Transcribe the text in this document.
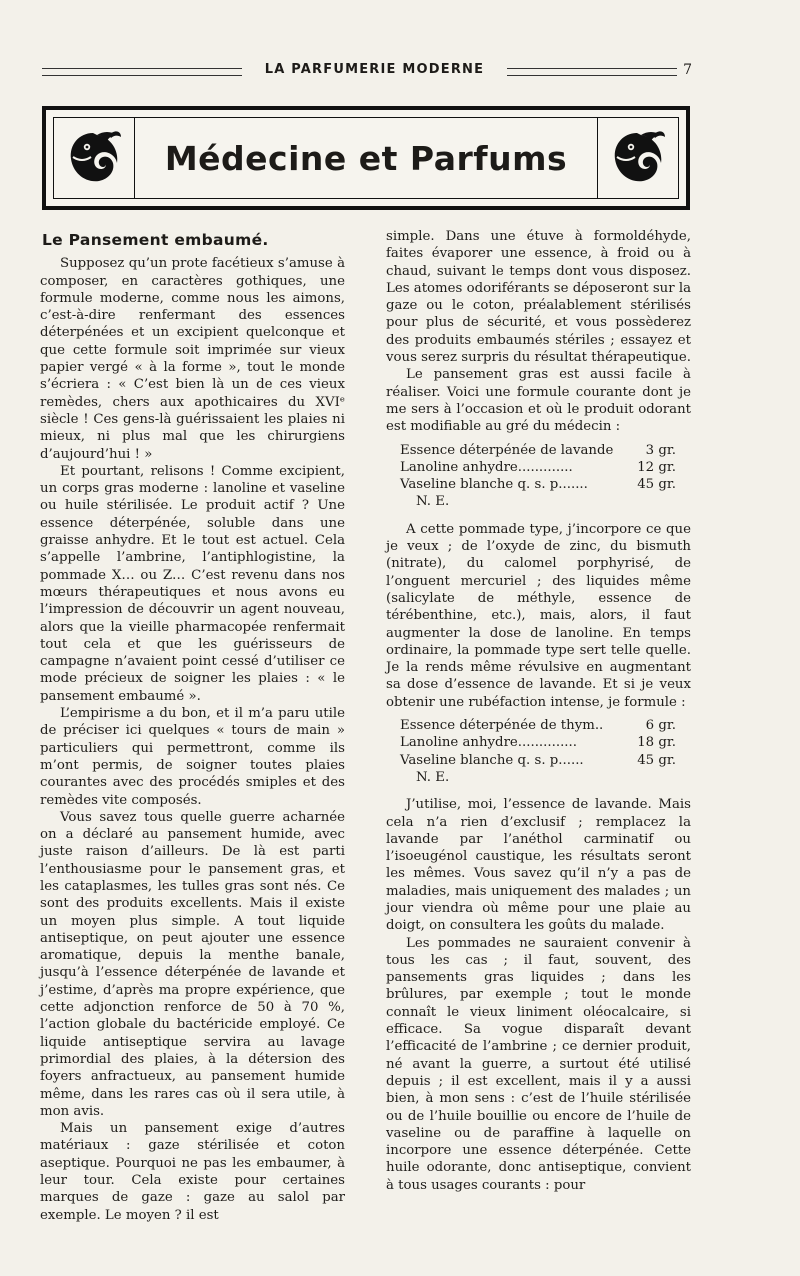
LA PARFUMERIE MODERNE	7
Médecine et Parfums
Le Pansement embaumé.

Supposez qu’un prote facétieux s’amuse à composer, en caractères gothiques, une formule moderne, comme nous les aimons, c’est-à-dire renfermant des essences déterpénées et un excipient quelconque et que cette formule soit imprimée sur vieux papier vergé « à la forme », tout le monde s’écriera : « C’est bien là un de ces vieux remèdes, chers aux apothicaires du XVIᵉ siècle ! Ces gens-là guérissaient les plaies ni mieux, ni plus mal que les chirurgiens d’aujourd’hui ! »

Et pourtant, relisons ! Comme excipient, un corps gras moderne : lanoline et vaseline ou huile stérilisée. Le produit actif ? Une essence déterpénée, soluble dans une graisse anhydre. Et le tout est actuel. Cela s’appelle l’ambrine, l’antiphlogistine, la pommade X… ou Z… C’est revenu dans nos mœurs thérapeutiques et nous avons eu l’impression de découvrir un agent nouveau, alors que la vieille pharmacopée renfermait tout cela et que les guérisseurs de campagne n’avaient point cessé d’utiliser ce mode précieux de soigner les plaies : « le pansement embaumé ».

L’empirisme a du bon, et il m’a paru utile de préciser ici quelques « tours de main » particuliers qui permettront, comme ils m’ont permis, de soigner toutes plaies courantes avec des procédés smiples et des remèdes vite composés.

Vous savez tous quelle guerre acharnée on a déclaré au pansement humide, avec juste raison d’ailleurs. De là est parti l’enthousiasme pour le pansement gras, et les cataplasmes, les tulles gras sont nés. Ce sont des produits excellents. Mais il existe un moyen plus simple. A tout liquide antiseptique, on peut ajouter une essence aromatique, depuis la menthe banale, jusqu’à l’essence déterpénée de lavande et j’estime, d’après ma propre expérience, que cette adjonction renforce de 50 à 70 %, l’action globale du bactéricide employé. Ce liquide antiseptique servira au lavage primordial des plaies, à la détersion des foyers anfractueux, au pansement humide même, dans les rares cas où il sera utile, à mon avis.

Mais un pansement exige d’autres matériaux : gaze stérilisée et coton aseptique. Pourquoi ne pas les embaumer, à leur tour. Cela existe pour certaines marques de gaze : gaze au salol par exemple. Le moyen ? il est

simple. Dans une étuve à formoldéhyde, faites évaporer une essence, à froid ou à chaud, suivant le temps dont vous disposez. Les atomes odoriférants se déposeront sur la gaze ou le coton, préalablement stérilisés pour plus de sécurité, et vous possèderez des produits embaumés stériles ; essayez et vous serez surpris du résultat thérapeutique.

Le pansement gras est aussi facile à réaliser. Voici une formule courante dont je me sers à l’occasion et où le produit odorant est modifiable au gré du médecin :

Essence déterpénée de lavande 3 gr.
Lanoline anhydre.............	12 gr.
Vaseline blanche q. s. p.......	45 gr.
N. E.

A cette pommade type, j’incorpore ce que je veux ; de l’oxyde de zinc, du bismuth (nitrate), du calomel porphyrisé, de l’onguent mercuriel ; des liquides même (salicylate de méthyle, essence de térébenthine, etc.), mais, alors, il faut augmenter la dose de lanoline. En temps ordinaire, la pommade type sert telle quelle. Je la rends même révulsive en augmentant sa dose d’essence de lavande. Et si je veux obtenir une rubéfaction intense, je formule :

Essence déterpénée de thym..	6 gr.
Lanoline anhydre..............	18 gr.
Vaseline blanche q. s. p......	45 gr.
N. E.

J’utilise, moi, l’essence de lavande. Mais cela n’a rien d’exclusif ; remplacez la lavande par l’anéthol carminatif ou l’isoeugénol caustique, les résultats seront les mêmes. Vous savez qu’il n’y a pas de maladies, mais uniquement des malades ; un jour viendra où même pour une plaie au doigt, on consultera les goûts du malade.

Les pommades ne sauraient convenir à tous les cas ; il faut, souvent, des pansements gras liquides ; dans les brûlures, par exemple ; tout le monde connaît le vieux liniment oléocalcaire, si efficace. Sa vogue disparaît devant l’efficacité de l’ambrine ; ce dernier produit, né avant la guerre, a surtout été utilisé depuis ; il est excellent, mais il y a aussi bien, à mon sens : c’est de l’huile stérilisée ou de l’huile bouillie ou encore de l’huile de vaseline ou de paraffine à laquelle on incorpore une essence déterpénée. Cette huile odorante, donc antiseptique, convient à tous usages courants : pour
